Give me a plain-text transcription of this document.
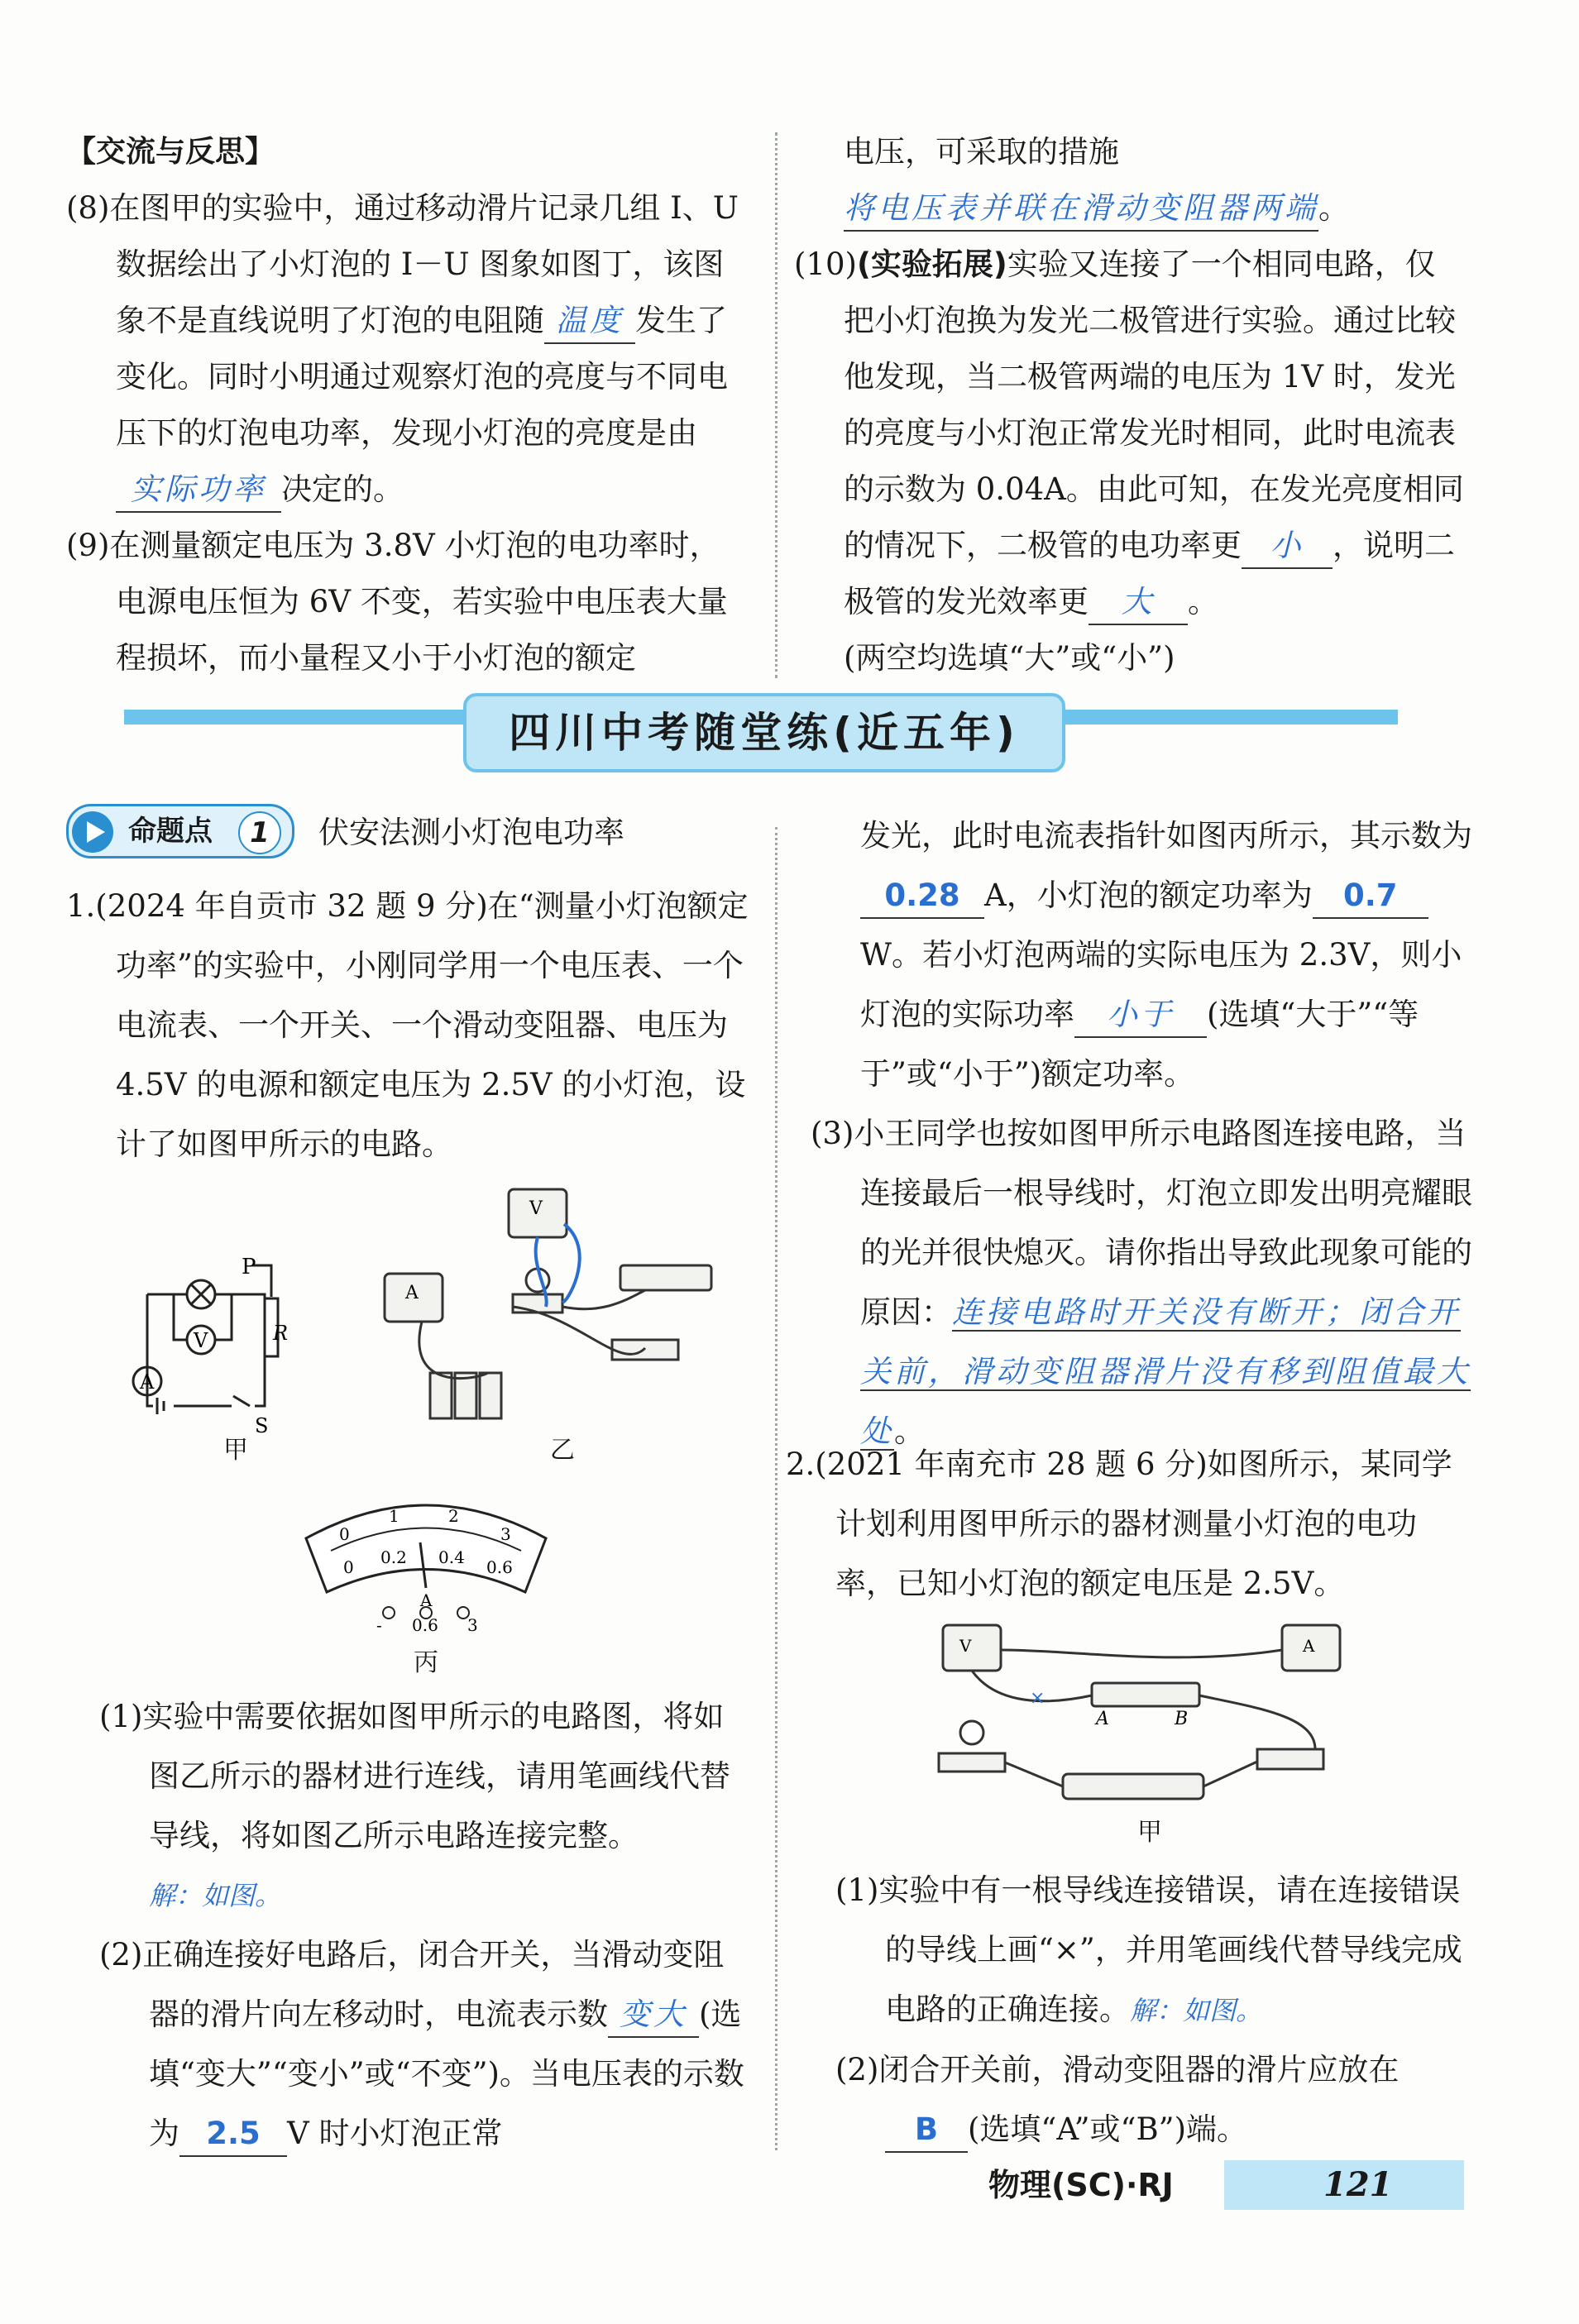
【交流与反思】

(8)在图甲的实验中，通过移动滑片记录几组 I、U 数据绘出了小灯泡的 I－U 图象如图丁，该图象不是直线说明了灯泡的电阻随 温度 发生了变化。同时小明通过观察灯泡的亮度与不同电压下的灯泡电功率，发现小灯泡的亮度是由实际功率 决定的。

(9)在测量额定电压为 3.8V 小灯泡的电功率时，电源电压恒为 6V 不变，若实验中电压表大量程损坏，而小量程又小于小灯泡的额定

电压，可采取的措施将电压表并联在滑动变阻器两端。

(10)(实验拓展)实验又连接了一个相同电路，仅把小灯泡换为发光二极管进行实验。通过比较他发现，当二极管两端的电压为 1V 时，发光的亮度与小灯泡正常发光时相同，此时电流表的示数为 0.04A。由此可知，在发光亮度相同的情况下，二极管的电功率更 小 ，说明二极管的发光效率更 大 。

(两空均选填“大”或“小”)

四川中考随堂练(近五年)
命题点	1	伏安法测小灯泡电功率

1.(2024 年自贡市 32 题 9 分)在“测量小灯泡额定功率”的实验中，小刚同学用一个电压表、一个电流表、一个开关、一个滑动变阻器、电压为 4.5V 的电源和额定电压为 2.5V 的小灯泡，设计了如图甲所示的电路。

P
R
V
A
S
甲
V
A
乙
0
1	2
3
0 0.2 0.4 0.6
A
- 0.6 3
丙

(1)实验中需要依据如图甲所示的电路图，将如图乙所示的器材进行连线，请用笔画线代替导线，将如图乙所示电路连接完整。

解：如图。

(2)正确连接好电路后，闭合开关，当滑动变阻器的滑片向左移动时，电流表示数 变大 (选填“变大”“变小”或“不变”)。当电压表的示数为 2.5 V 时小灯泡正常

发光，此时电流表指针如图丙所示，其示数为0.28 A，小灯泡的额定功率为 0.7W。若小灯泡两端的实际电压为 2.3V，则小灯泡的实际功率 小于 (选填“大于”“等于”或“小于”)额定功率。

(3)小王同学也按如图甲所示电路图连接电路，当连接最后一根导线时，灯泡立即发出明亮耀眼的光并很快熄灭。请你指出导致此现象可能的原因：连接电路时开关没有断开；闭合开关前，滑动变阻器滑片没有移到阻值最大处。

2.(2021 年南充市 28 题 6 分)如图所示，某同学计划利用图甲所示的器材测量小灯泡的电功率，已知小灯泡的额定电压是 2.5V。

V	A
A	B
×
甲

(1)实验中有一根导线连接错误，请在连接错误的导线上画“×”，并用笔画线代替导线完成电路的正确连接。解：如图。

(2)闭合开关前，滑动变阻器的滑片应放在B (选填“A”或“B”)端。

物理(SC)·RJ	121
